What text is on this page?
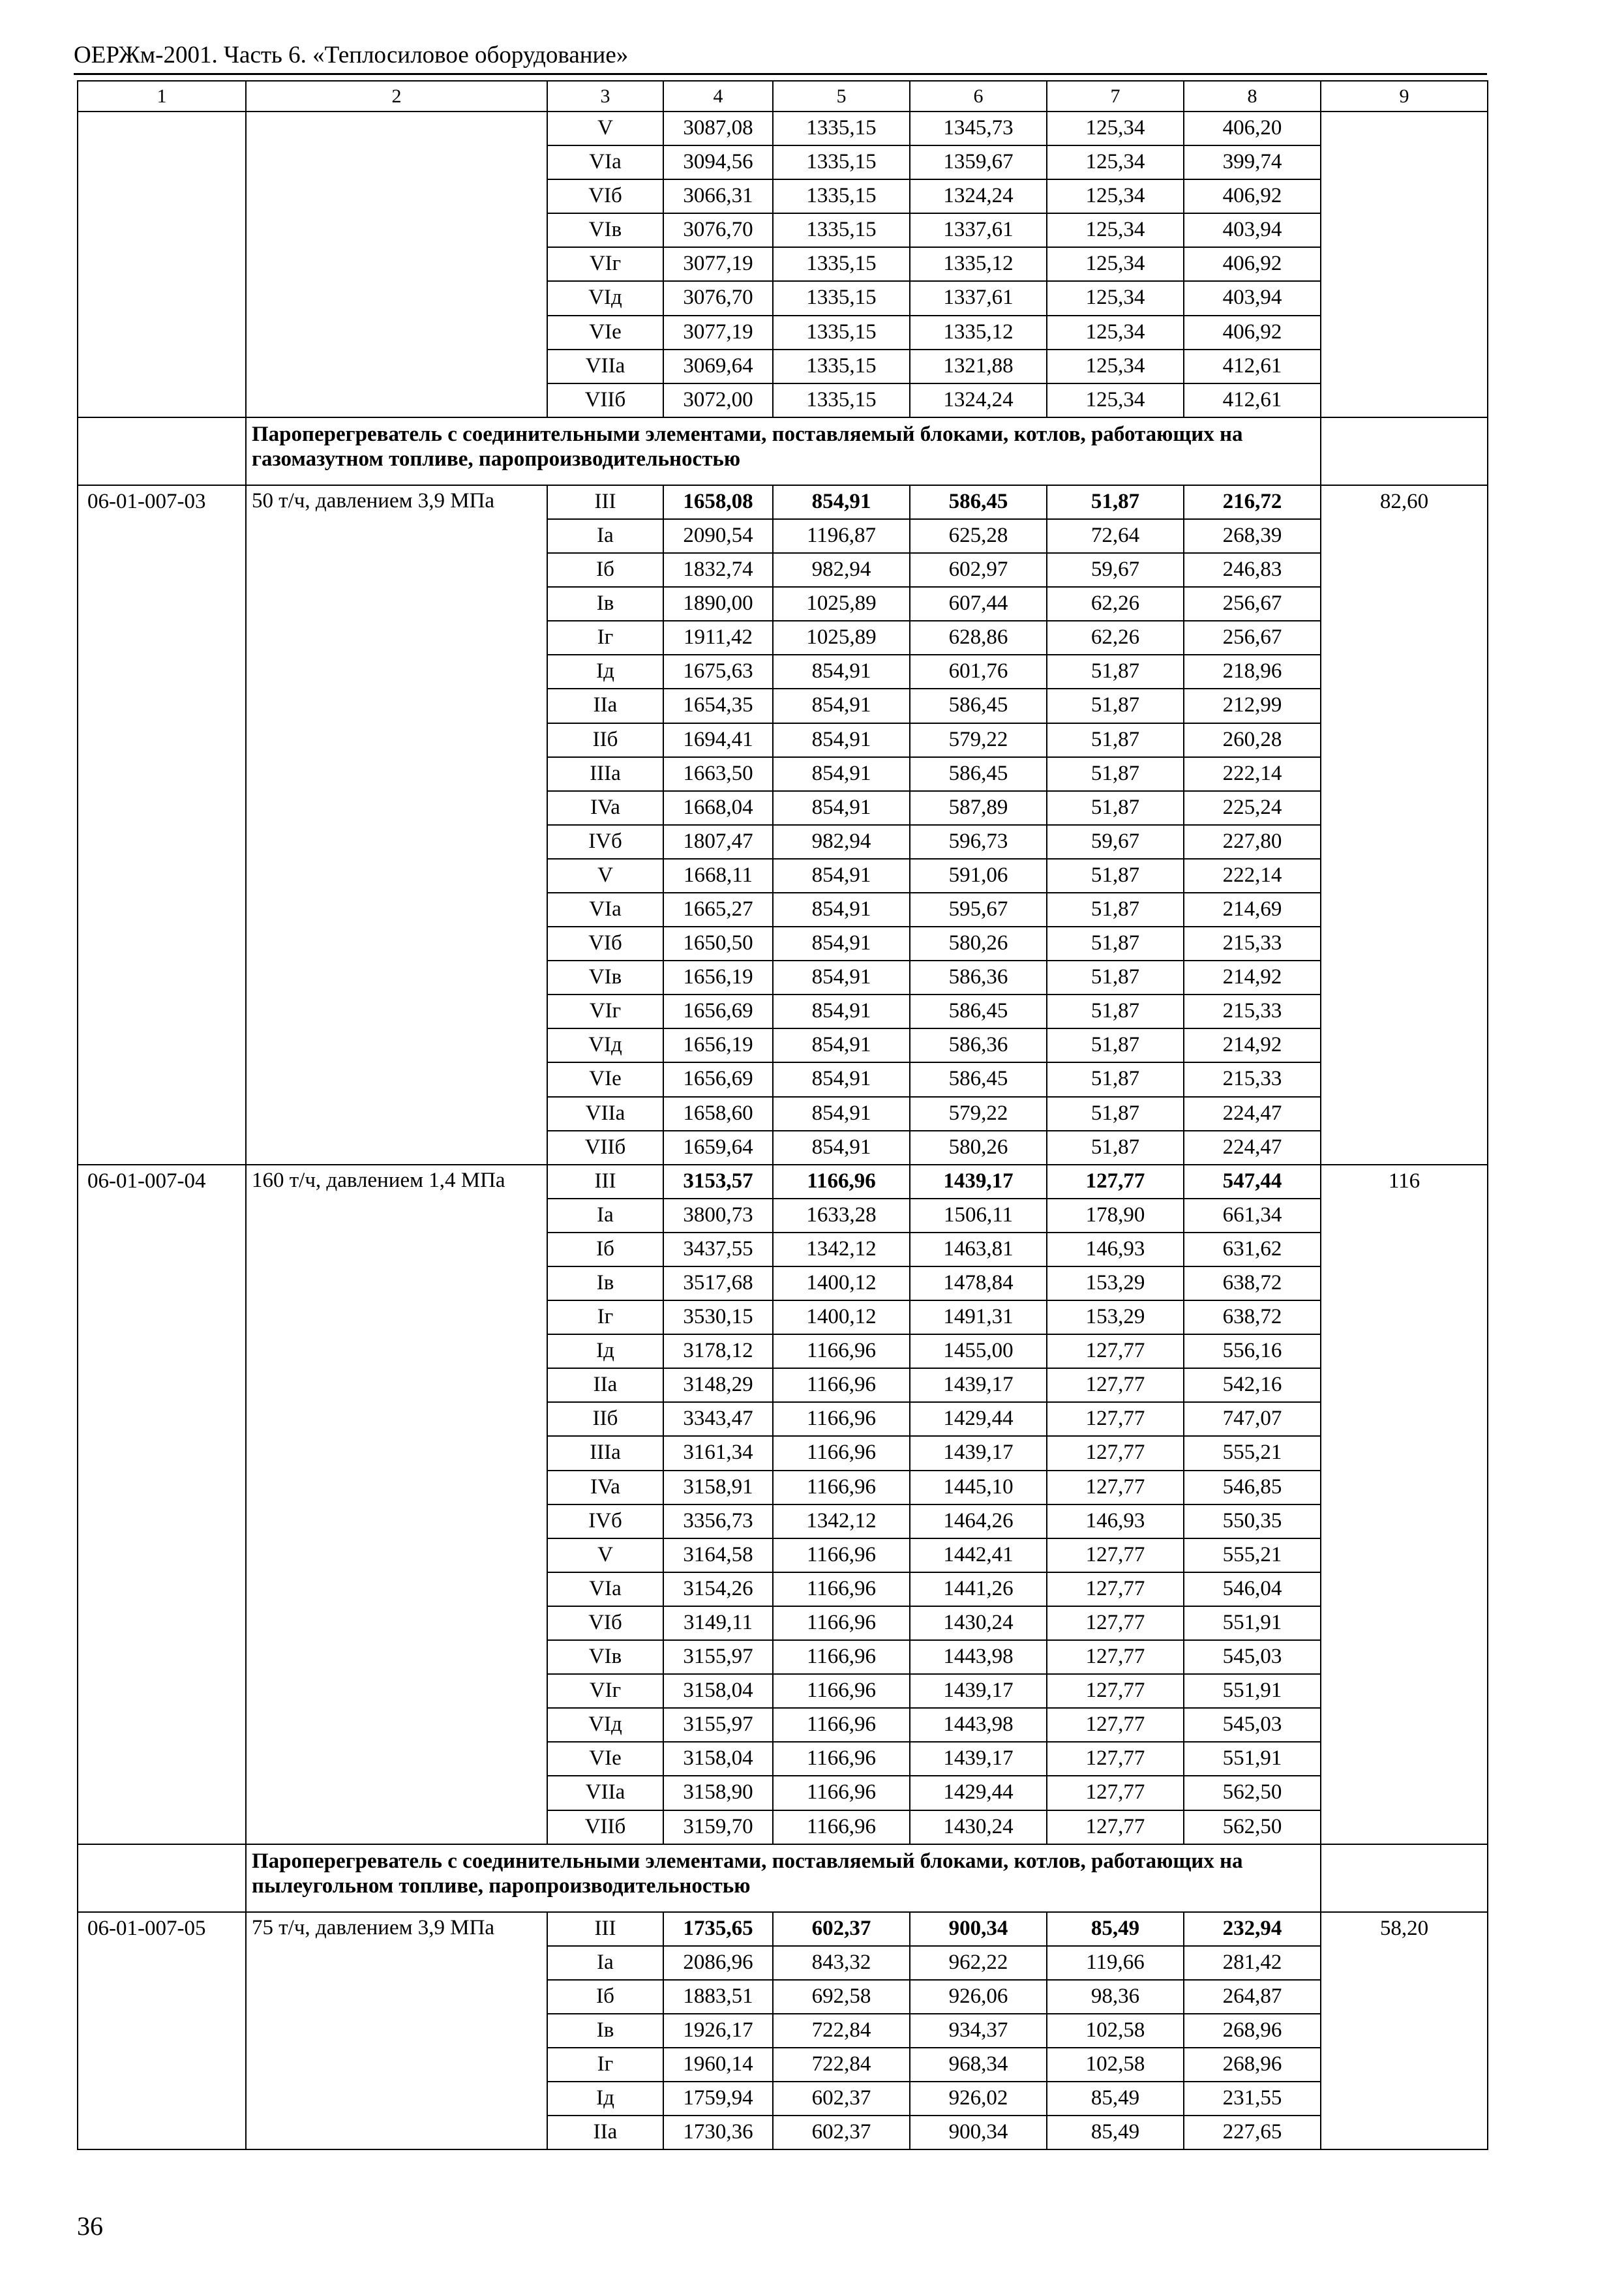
ОЕРЖм-2001. Часть 6. «Теплосиловое оборудование»
1	2	3	4	5	6	7	8	9
		V	3087,08	1335,15	1345,73	125,34	406,20	
		VIa	3094,56	1335,15	1359,67	125,34	399,74	
		VIб	3066,31	1335,15	1324,24	125,34	406,92	
		VIв	3076,70	1335,15	1337,61	125,34	403,94	
		VIг	3077,19	1335,15	1335,12	125,34	406,92	
		VIд	3076,70	1335,15	1337,61	125,34	403,94	
		VIe	3077,19	1335,15	1335,12	125,34	406,92	
		VIIa	3069,64	1335,15	1321,88	125,34	412,61	
		VIIб	3072,00	1335,15	1324,24	125,34	412,61	
	Пароперегреватель с соединительными элементами, поставляемый блоками, котлов, работающих на газомазутном топливе, паропроизводительностью							
06-01-007-03	50 т/ч, давлением 3,9 МПа	III	1658,08	854,91	586,45	51,87	216,72	82,60
		Ia	2090,54	1196,87	625,28	72,64	268,39	
		Iб	1832,74	982,94	602,97	59,67	246,83	
		Iв	1890,00	1025,89	607,44	62,26	256,67	
		Iг	1911,42	1025,89	628,86	62,26	256,67	
		Iд	1675,63	854,91	601,76	51,87	218,96	
		IIa	1654,35	854,91	586,45	51,87	212,99	
		IIб	1694,41	854,91	579,22	51,87	260,28	
		IIIa	1663,50	854,91	586,45	51,87	222,14	
		IVa	1668,04	854,91	587,89	51,87	225,24	
		IVб	1807,47	982,94	596,73	59,67	227,80	
		V	1668,11	854,91	591,06	51,87	222,14	
		VIa	1665,27	854,91	595,67	51,87	214,69	
		VIб	1650,50	854,91	580,26	51,87	215,33	
		VIв	1656,19	854,91	586,36	51,87	214,92	
		VIг	1656,69	854,91	586,45	51,87	215,33	
		VIд	1656,19	854,91	586,36	51,87	214,92	
		VIe	1656,69	854,91	586,45	51,87	215,33	
		VIIa	1658,60	854,91	579,22	51,87	224,47	
		VIIб	1659,64	854,91	580,26	51,87	224,47	
06-01-007-04	160 т/ч, давлением 1,4 МПа	III	3153,57	1166,96	1439,17	127,77	547,44	116
		Ia	3800,73	1633,28	1506,11	178,90	661,34	
		Iб	3437,55	1342,12	1463,81	146,93	631,62	
		Iв	3517,68	1400,12	1478,84	153,29	638,72	
		Iг	3530,15	1400,12	1491,31	153,29	638,72	
		Iд	3178,12	1166,96	1455,00	127,77	556,16	
		IIa	3148,29	1166,96	1439,17	127,77	542,16	
		IIб	3343,47	1166,96	1429,44	127,77	747,07	
		IIIa	3161,34	1166,96	1439,17	127,77	555,21	
		IVa	3158,91	1166,96	1445,10	127,77	546,85	
		IVб	3356,73	1342,12	1464,26	146,93	550,35	
		V	3164,58	1166,96	1442,41	127,77	555,21	
		VIa	3154,26	1166,96	1441,26	127,77	546,04	
		VIб	3149,11	1166,96	1430,24	127,77	551,91	
		VIв	3155,97	1166,96	1443,98	127,77	545,03	
		VIг	3158,04	1166,96	1439,17	127,77	551,91	
		VIд	3155,97	1166,96	1443,98	127,77	545,03	
		VIe	3158,04	1166,96	1439,17	127,77	551,91	
		VIIa	3158,90	1166,96	1429,44	127,77	562,50	
		VIIб	3159,70	1166,96	1430,24	127,77	562,50	
	Пароперегреватель с соединительными элементами, поставляемый блоками, котлов, работающих на пылеугольном топливе, паропроизводительностью							
06-01-007-05	75 т/ч, давлением 3,9 МПа	III	1735,65	602,37	900,34	85,49	232,94	58,20
		Ia	2086,96	843,32	962,22	119,66	281,42	
		Iб	1883,51	692,58	926,06	98,36	264,87	
		Iв	1926,17	722,84	934,37	102,58	268,96	
		Iг	1960,14	722,84	968,34	102,58	268,96	
		Iд	1759,94	602,37	926,02	85,49	231,55	
		IIa	1730,36	602,37	900,34	85,49	227,65	
36
